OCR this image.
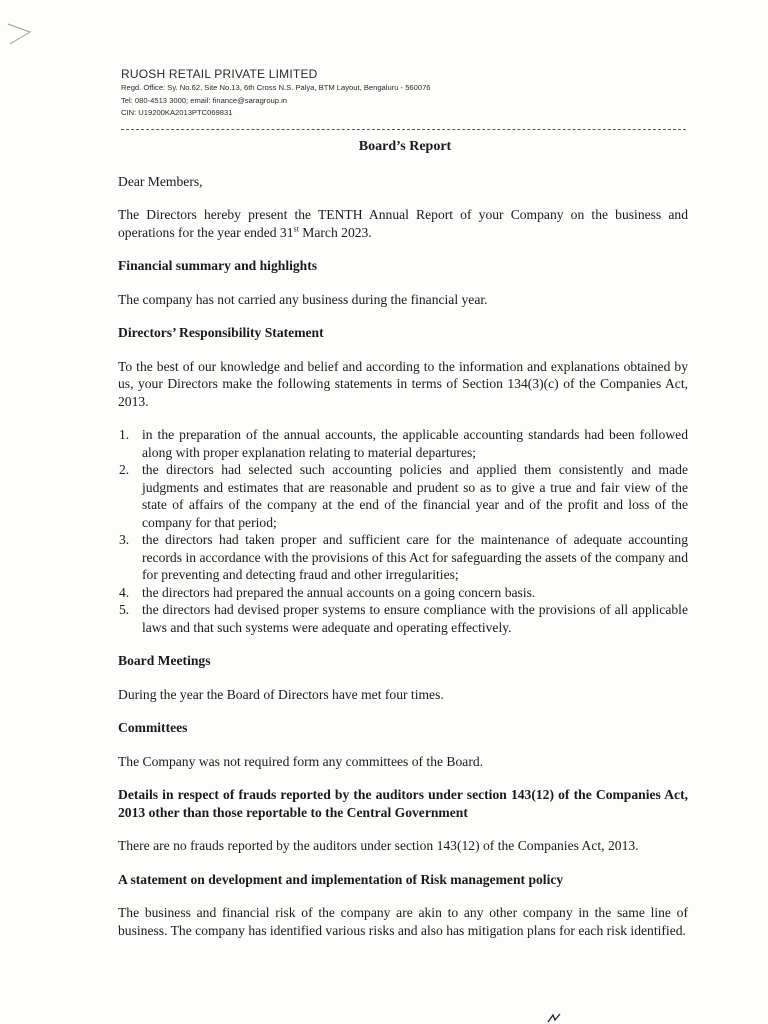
RUOSH RETAIL PRIVATE LIMITED
Regd. Office: Sy. No.62, Site No.13, 6th Cross N.S. Palya, BTM Layout, Bengaluru - 560076
Tel: 080-4513 3000; email: finance@saragroup.in
CIN: U19200KA2013PTC069831
Board’s Report

Dear Members,

The Directors hereby present the TENTH Annual Report of your Company on the business and operations for the year ended 31st March 2023.

Financial summary and highlights

The company has not carried any business during the financial year.

Directors’ Responsibility Statement

To the best of our knowledge and belief and according to the information and explanations obtained by us, your Directors make the following statements in terms of Section 134(3)(c) of the Companies Act, 2013.

1. in the preparation of the annual accounts, the applicable accounting standards had been followed along with proper explanation relating to material departures;
2. the directors had selected such accounting policies and applied them consistently and made judgments and estimates that are reasonable and prudent so as to give a true and fair view of the state of affairs of the company at the end of the financial year and of the profit and loss of the company for that period;
3. the directors had taken proper and sufficient care for the maintenance of adequate accounting records in accordance with the provisions of this Act for safeguarding the assets of the company and for preventing and detecting fraud and other irregularities;
4. the directors had prepared the annual accounts on a going concern basis.
5. the directors had devised proper systems to ensure compliance with the provisions of all applicable laws and that such systems were adequate and operating effectively.

Board Meetings

During the year the Board of Directors have met four times.

Committees

The Company was not required form any committees of the Board.

Details in respect of frauds reported by the auditors under section 143(12) of the Companies Act, 2013 other than those reportable to the Central Government

There are no frauds reported by the auditors under section 143(12) of the Companies Act, 2013.

A statement on development and implementation of Risk management policy

The business and financial risk of the company are akin to any other company in the same line of business. The company has identified various risks and also has mitigation plans for each risk identified.
